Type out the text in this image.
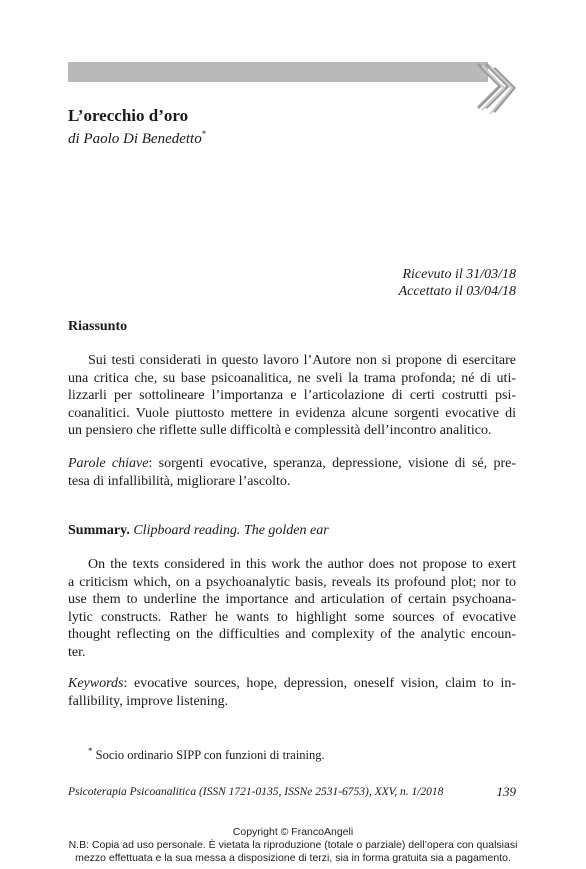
L’orecchio d’oro
di Paolo Di Benedetto*
Ricevuto il 31/03/18
Accettato il 03/04/18
Riassunto

Sui testi considerati in questo lavoro l’Autore non si propone di esercitare
una critica che, su base psicoanalitica, ne sveli la trama profonda; né di uti-
lizzarli per sottolineare l’importanza e l’articolazione di certi costrutti psi-
coanalitici. Vuole piuttosto mettere in evidenza alcune sorgenti evocative di
un pensiero che riflette sulle difficoltà e complessità dell’incontro analitico.

Parole chiave: sorgenti evocative, speranza, depressione, visione di sé, pre-
tesa di infallibilità, migliorare l’ascolto.

Summary. Clipboard reading. The golden ear

On the texts considered in this work the author does not propose to exert
a criticism which, on a psychoanalytic basis, reveals its profound plot; nor to
use them to underline the importance and articulation of certain psychoana-
lytic constructs. Rather he wants to highlight some sources of evocative
thought reflecting on the difficulties and complexity of the analytic encoun-
ter.

Keywords: evocative sources, hope, depression, oneself vision, claim to in-
fallibility, improve listening.

* Socio ordinario SIPP con funzioni di training.
Psicoterapia Psicoanalitica (ISSN 1721-0135, ISSNe 2531-6753), XXV, n. 1/2018	139
Copyright © FrancoAngeli
N.B: Copia ad uso personale. È vietata la riproduzione (totale o parziale) dell’opera con qualsiasi
mezzo effettuata e la sua messa a disposizione di terzi, sia in forma gratuita sia a pagamento.
